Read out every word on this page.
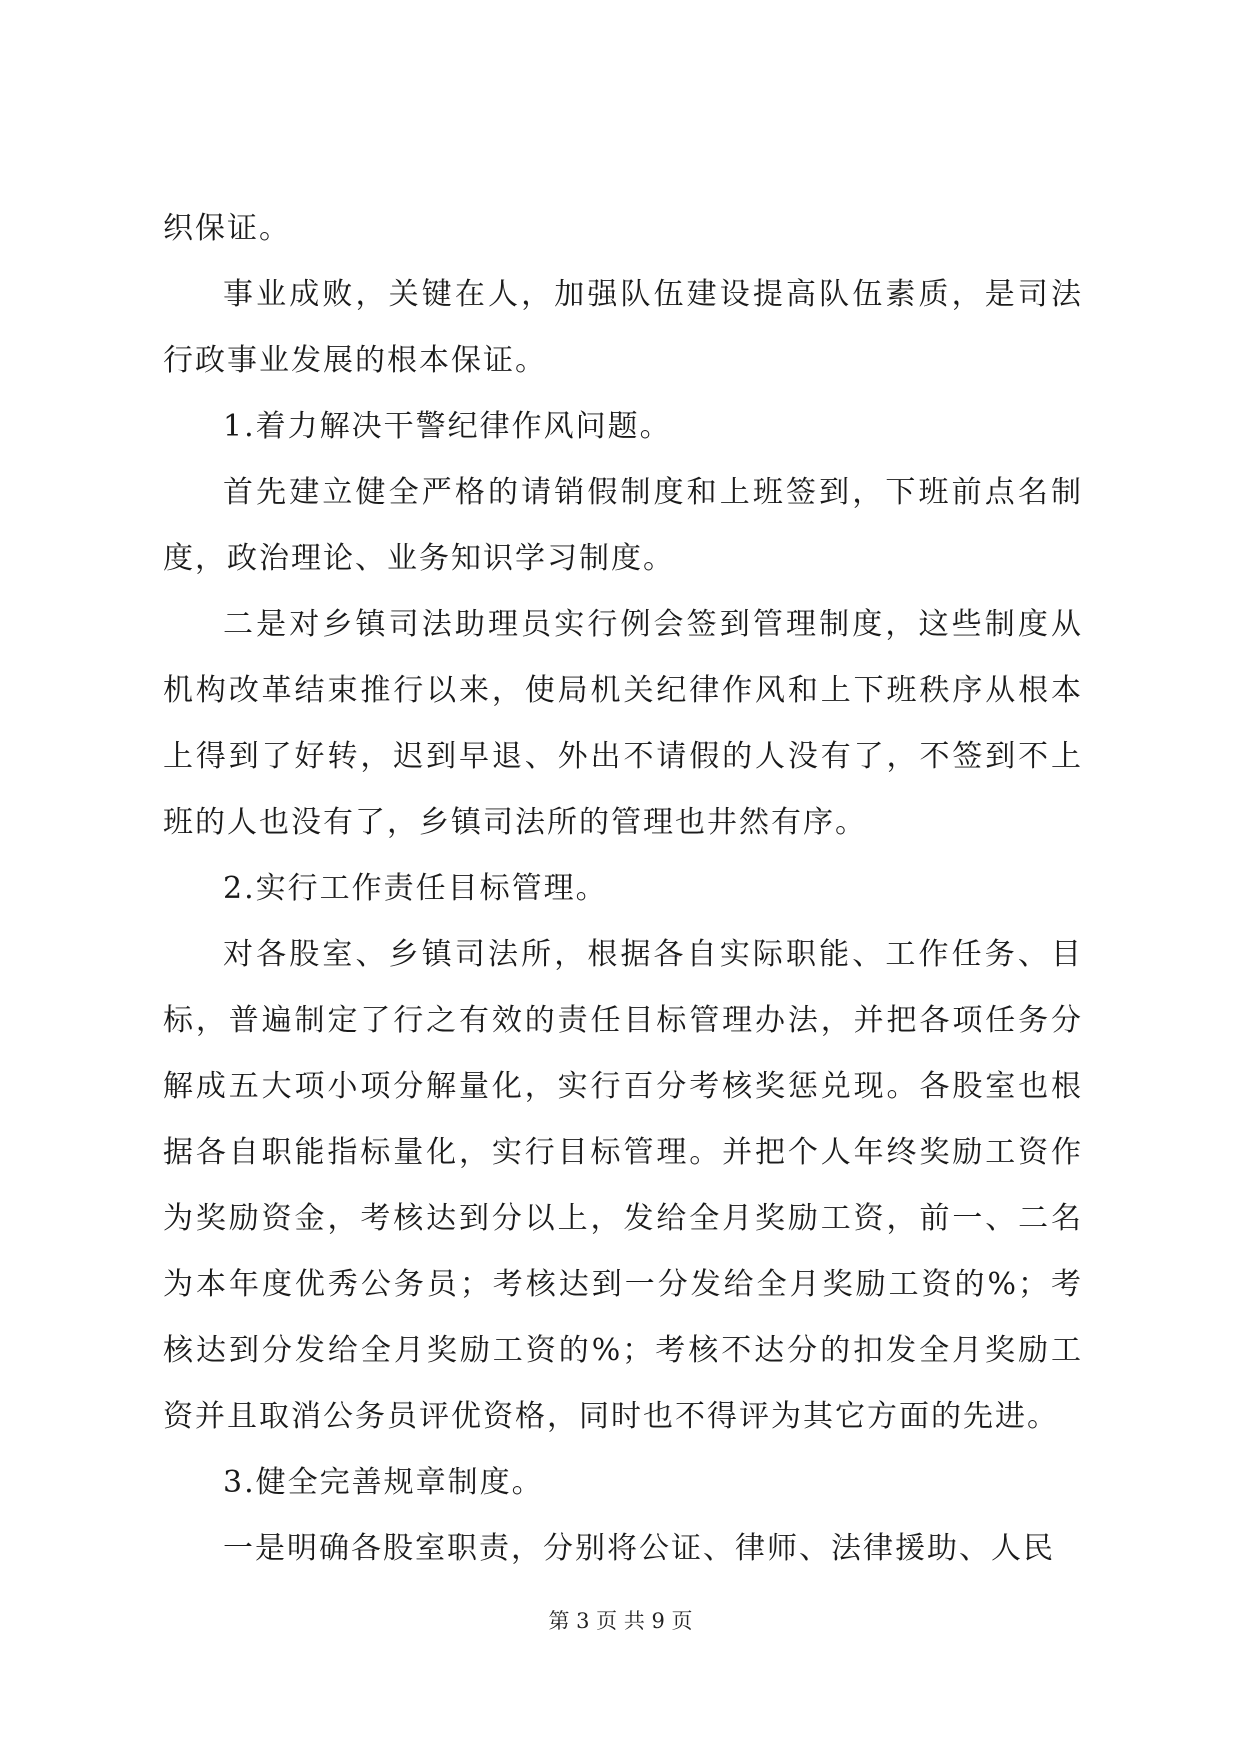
织保证。

事业成败，关键在人，加强队伍建设提高队伍素质，是司法行政事业发展的根本保证。

1.着力解决干警纪律作风问题。

首先建立健全严格的请销假制度和上班签到，下班前点名制度，政治理论、业务知识学习制度。

二是对乡镇司法助理员实行例会签到管理制度，这些制度从机构改革结束推行以来，使局机关纪律作风和上下班秩序从根本上得到了好转，迟到早退、外出不请假的人没有了，不签到不上班的人也没有了，乡镇司法所的管理也井然有序。

2.实行工作责任目标管理。

对各股室、乡镇司法所，根据各自实际职能、工作任务、目标，普遍制定了行之有效的责任目标管理办法，并把各项任务分解成五大项小项分解量化，实行百分考核奖惩兑现。各股室也根据各自职能指标量化，实行目标管理。并把个人年终奖励工资作为奖励资金，考核达到分以上，发给全月奖励工资，前一、二名为本年度优秀公务员；考核达到一分发给全月奖励工资的%；考核达到分发给全月奖励工资的%；考核不达分的扣发全月奖励工资并且取消公务员评优资格，同时也不得评为其它方面的先进。

3.健全完善规章制度。

一是明确各股室职责，分别将公证、律师、法律援助、人民

第 3 页 共 9 页
